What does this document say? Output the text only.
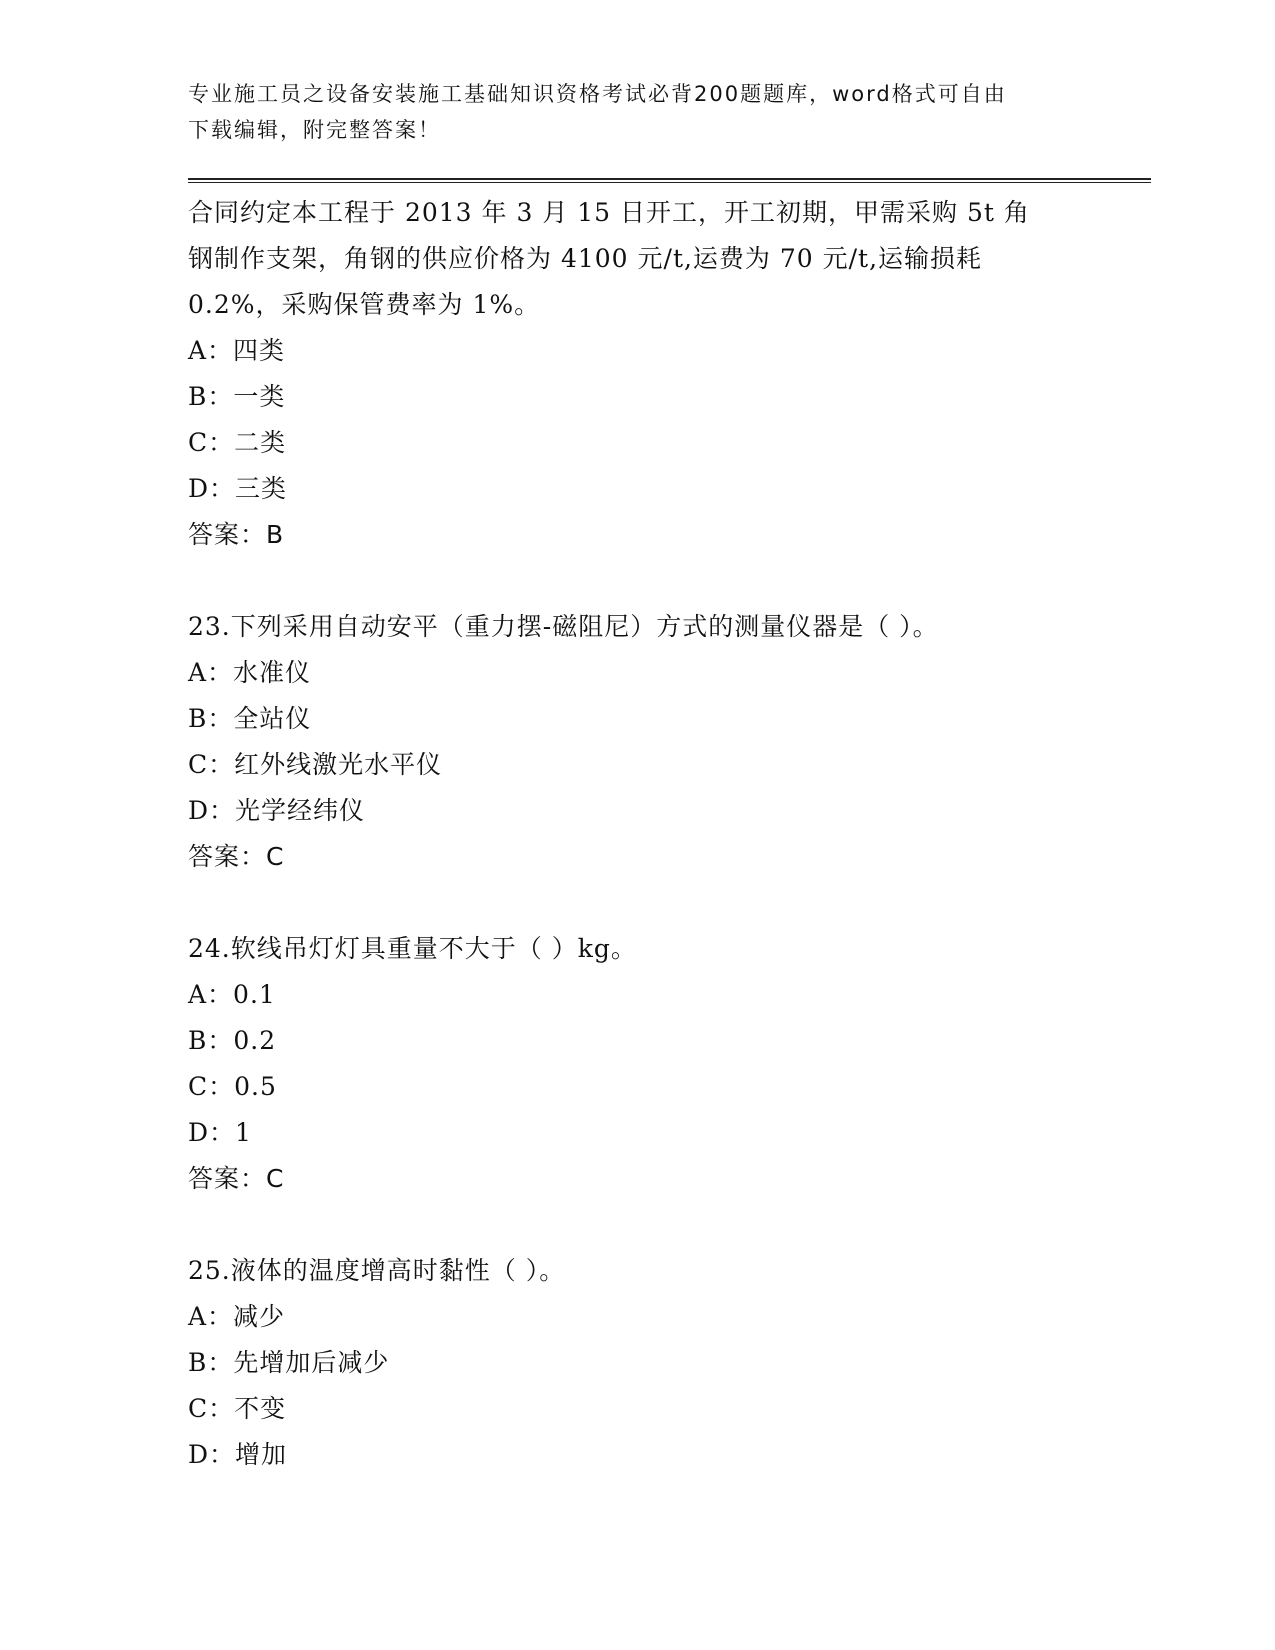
专业施工员之设备安装施工基础知识资格考试必背200题题库，word格式可自由
下载编辑，附完整答案！
合同约定本工程于 2013 年 3 月 15 日开工，开工初期，甲需采购 5t 角
钢制作支架，角钢的供应价格为 4100 元/t,运费为 70 元/t,运输损耗
0.2%，采购保管费率为 1%。
A：四类
B：一类
C：二类
D：三类
答案：B
23.下列采用自动安平（重力摆-磁阻尼）方式的测量仪器是（ ）。
A：水准仪
B：全站仪
C：红外线激光水平仪
D：光学经纬仪
答案：C
24.软线吊灯灯具重量不大于（ ）kg。
A：0.1
B：0.2
C：0.5
D：1
答案：C
25.液体的温度增高时黏性（ ）。
A：减少
B：先增加后减少
C：不变
D：增加
